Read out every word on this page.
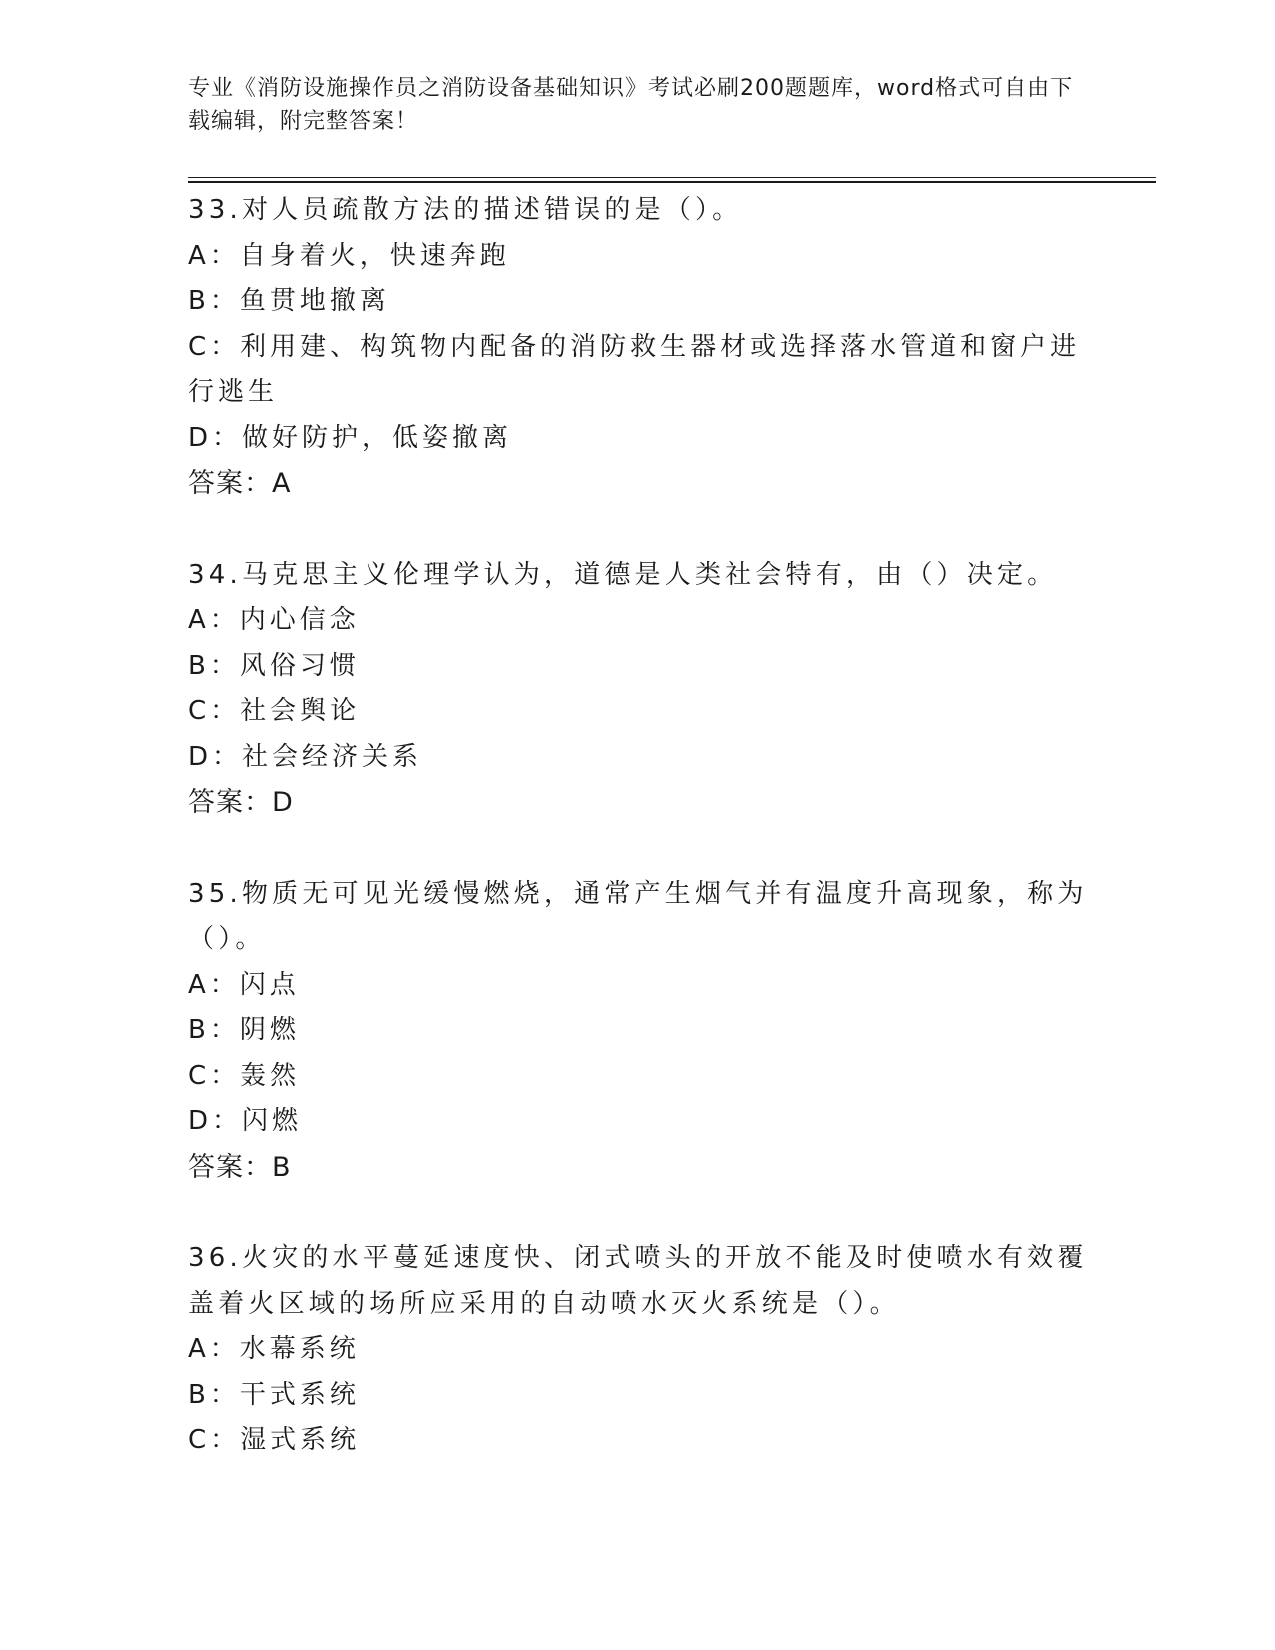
专业《消防设施操作员之消防设备基础知识》考试必刷200题题库，word格式可自由下载编辑，附完整答案！
33.对人员疏散方法的描述错误的是（）。
A：自身着火，快速奔跑
B：鱼贯地撤离
C：利用建、构筑物内配备的消防救生器材或选择落水管道和窗户进行逃生
D：做好防护，低姿撤离
答案：A
34.马克思主义伦理学认为，道德是人类社会特有，由（）决定。
A：内心信念
B：风俗习惯
C：社会舆论
D：社会经济关系
答案：D
35.物质无可见光缓慢燃烧，通常产生烟气并有温度升高现象，称为（）。
A：闪点
B：阴燃
C：轰然
D：闪燃
答案：B
36.火灾的水平蔓延速度快、闭式喷头的开放不能及时使喷水有效覆盖着火区域的场所应采用的自动喷水灭火系统是（）。
A：水幕系统
B：干式系统
C：湿式系统
